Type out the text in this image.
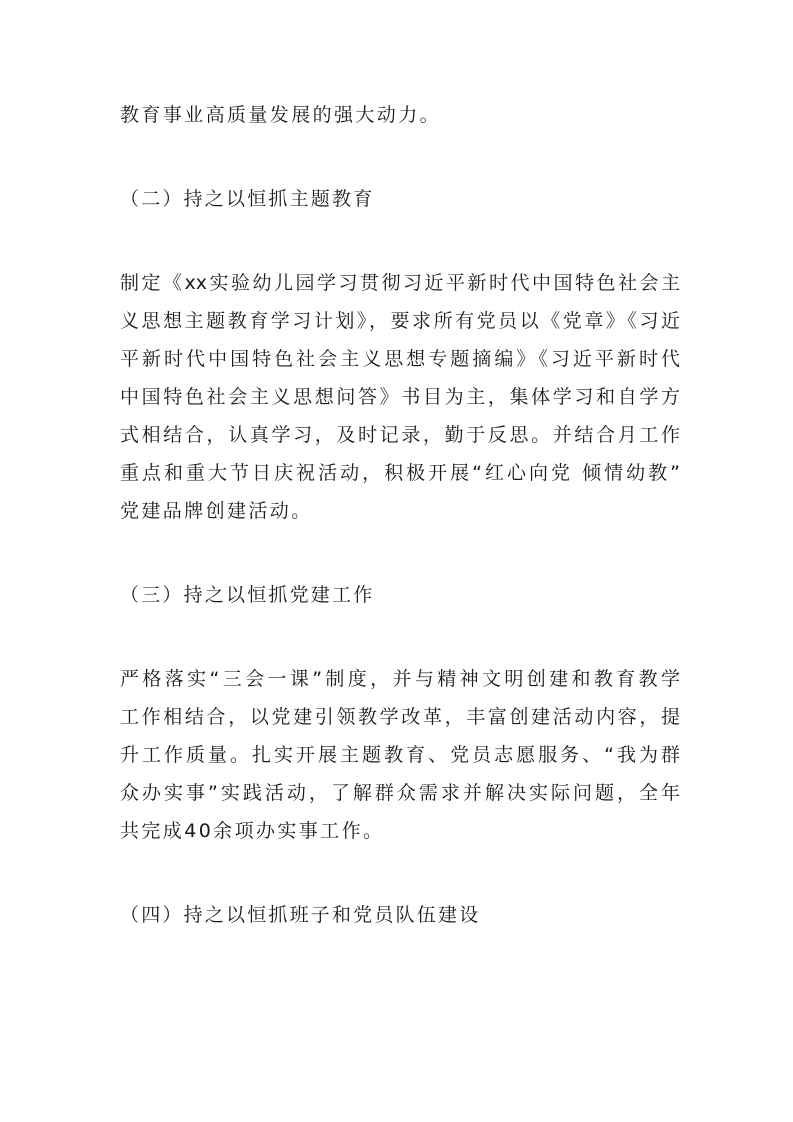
教育事业高质量发展的强大动力。
（二）持之以恒抓主题教育
制定《xx实验幼儿园学习贯彻习近平新时代中国特色社会主
义思想主题教育学习计划》，要求所有党员以《党章》《习近
平新时代中国特色社会主义思想专题摘编》《习近平新时代
中国特色社会主义思想问答》书目为主，集体学习和自学方
式相结合，认真学习，及时记录，勤于反思。并结合月工作
重点和重大节日庆祝活动，积极开展“红心向党 倾情幼教”
党建品牌创建活动。
（三）持之以恒抓党建工作
严格落实“三会一课”制度，并与精神文明创建和教育教学
工作相结合，以党建引领教学改革，丰富创建活动内容，提
升工作质量。扎实开展主题教育、党员志愿服务、“我为群
众办实事”实践活动，了解群众需求并解决实际问题，全年
共完成40余项办实事工作。
（四）持之以恒抓班子和党员队伍建设
